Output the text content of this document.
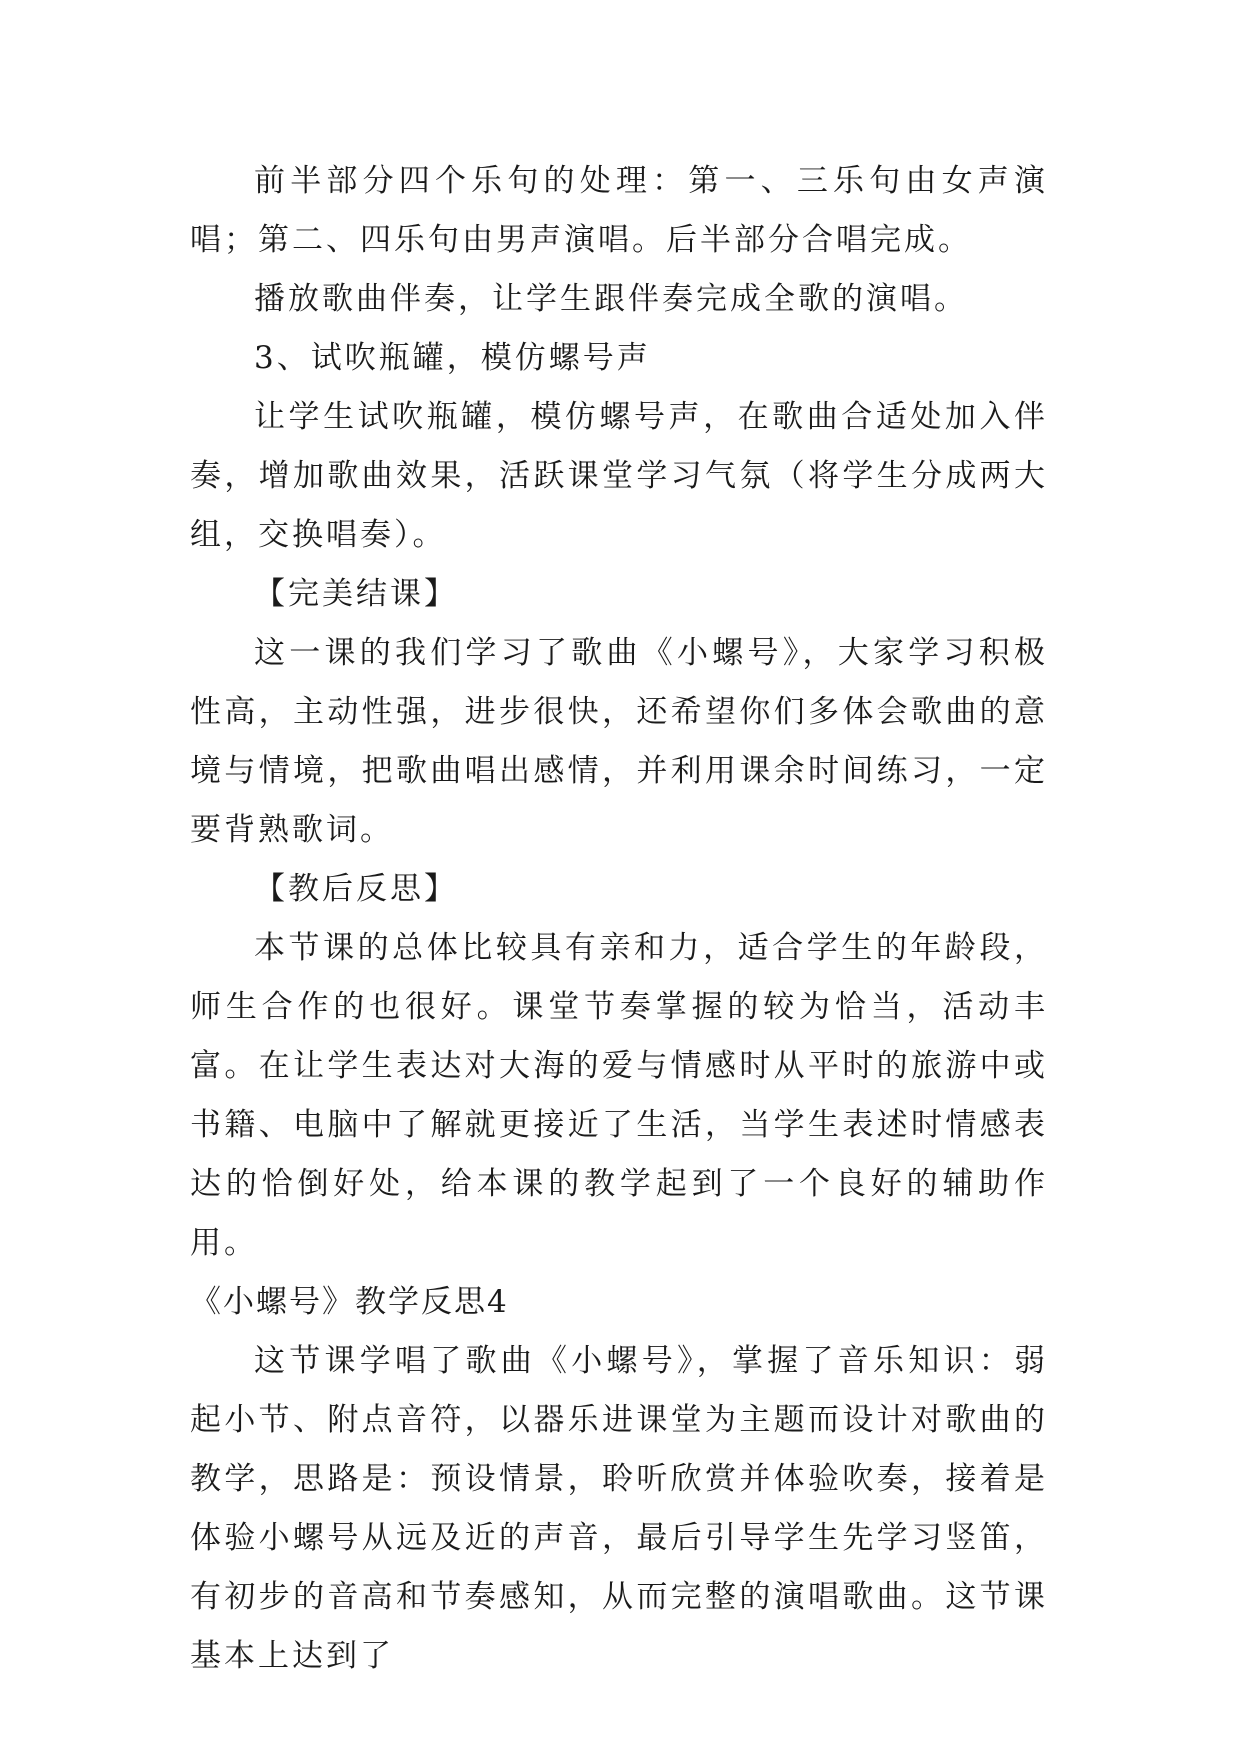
前半部分四个乐句的处理：第一、三乐句由女声演唱；第二、四乐句由男声演唱。后半部分合唱完成。

播放歌曲伴奏，让学生跟伴奏完成全歌的演唱。

3、试吹瓶罐，模仿螺号声

让学生试吹瓶罐，模仿螺号声，在歌曲合适处加入伴奏，增加歌曲效果，活跃课堂学习气氛（将学生分成两大组，交换唱奏）。

【完美结课】

这一课的我们学习了歌曲《小螺号》，大家学习积极性高，主动性强，进步很快，还希望你们多体会歌曲的意境与情境，把歌曲唱出感情，并利用课余时间练习，一定要背熟歌词。

【教后反思】

本节课的总体比较具有亲和力，适合学生的年龄段，师生合作的也很好。课堂节奏掌握的较为恰当，活动丰富。在让学生表达对大海的爱与情感时从平时的旅游中或书籍、电脑中了解就更接近了生活，当学生表述时情感表达的恰倒好处，给本课的教学起到了一个良好的辅助作用。

《小螺号》教学反思4

这节课学唱了歌曲《小螺号》，掌握了音乐知识：弱起小节、附点音符，以器乐进课堂为主题而设计对歌曲的教学，思路是：预设情景，聆听欣赏并体验吹奏，接着是体验小螺号从远及近的声音，最后引导学生先学习竖笛，有初步的音高和节奏感知，从而完整的演唱歌曲。这节课基本上达到了
